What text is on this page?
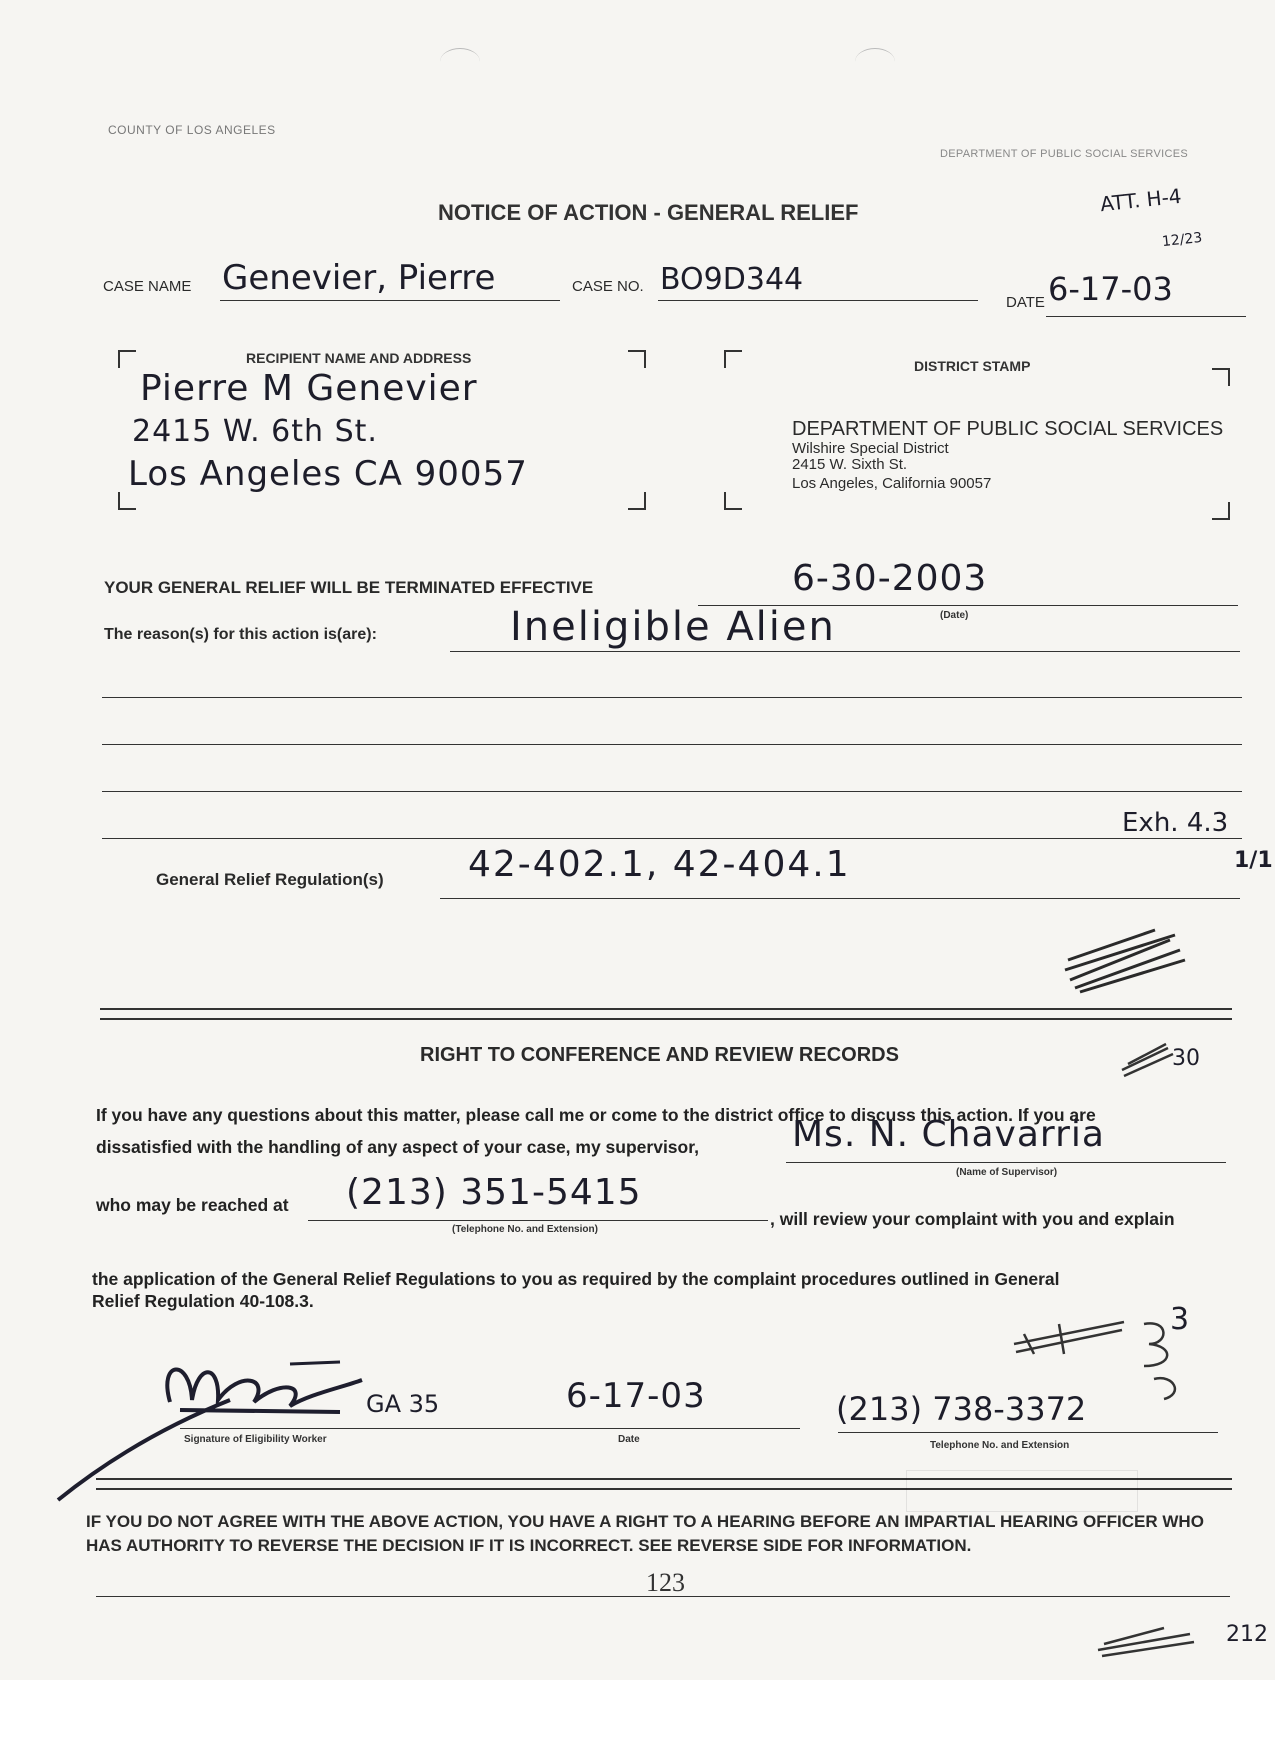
COUNTY OF LOS ANGELES
DEPARTMENT OF PUBLIC SOCIAL SERVICES
NOTICE OF ACTION - GENERAL RELIEF	ATT. H-4
12/23
CASE NAME Genevier, Pierre	CASE NO. BO9D344
DATE 6-17-03
RECIPIENT NAME AND ADDRESS
Pierre M Genevier
2415 W. 6th St.
Los Angeles CA 90057
DISTRICT STAMP
DEPARTMENT OF PUBLIC SOCIAL SERVICES
Wilshire Special District
2415 W. Sixth St.
Los Angeles, California 90057
YOUR GENERAL RELIEF WILL BE TERMINATED EFFECTIVE	6-30-2003
(Date)
The reason(s) for this action is(are):	Ineligible Alien
Exh. 4.3
1/1
General Relief Regulation(s) 42-402.1, 42-404.1
RIGHT TO CONFERENCE AND REVIEW RECORDS	30
If you have any questions about this matter, please call me or come to the district office to discuss this action. If you are
dissatisfied with the handling of any aspect of your case, my supervisor,	Ms. N. Chavarria
(Name of Supervisor)
who may be reached at (213) 351-5415
(Telephone No. and Extension)
, will review your complaint with you and explain
the application of the General Relief Regulations to you as required by the complaint procedures outlined in General
Relief Regulation 40-108.3.
3
GA 35	6-17-03	(213) 738-3372
Signature of Eligibility Worker	Date
Telephone No. and Extension
IF YOU DO NOT AGREE WITH THE ABOVE ACTION, YOU HAVE A RIGHT TO A HEARING BEFORE AN IMPARTIAL HEARING OFFICER WHO HAS AUTHORITY TO REVERSE THE DECISION IF IT IS INCORRECT. SEE REVERSE SIDE FOR INFORMATION.
123
212
